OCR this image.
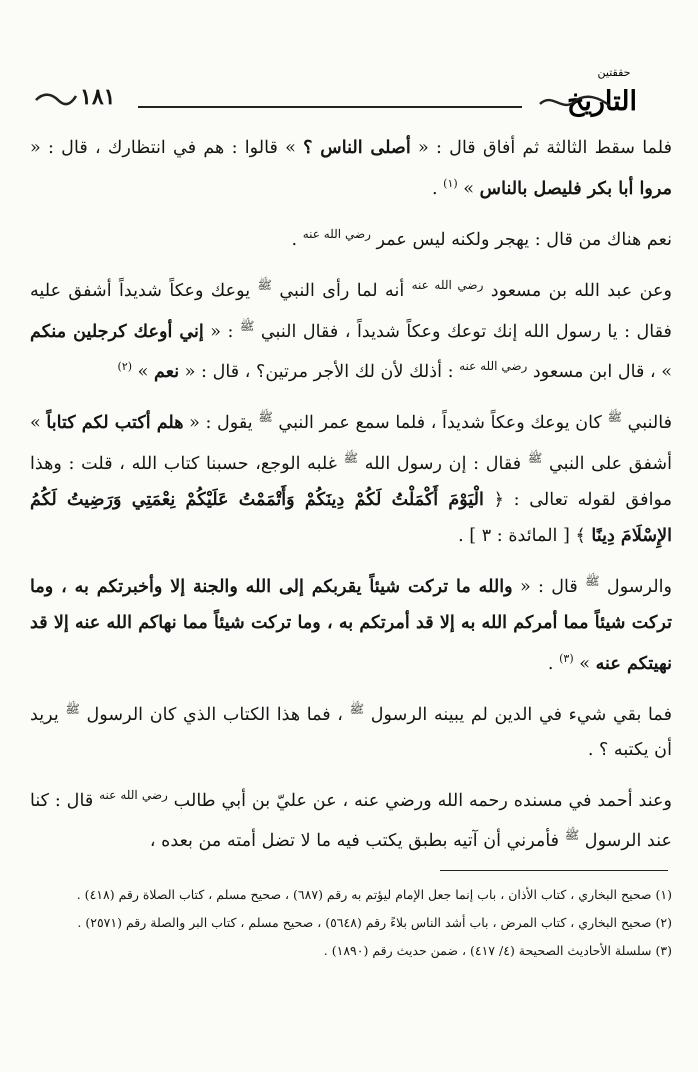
حققتين
التاريخ
١٨١

فلما سقط الثالثة ثم أفاق قال : « أصلى الناس ؟ » قالوا : هم في انتظارك ، قال : « مروا أبا بكر فليصل بالناس » $^{(١)}$ .

نعم هناك من قال : يهجر ولكنه ليس عمر $^{رضي الله عنه}$ .

وعن عبد الله بن مسعود $^{رضي الله عنه}$ أنه لما رأى النبي $^ﷺ$ يوعك وعكاً شديداً أشفق عليه فقال : يا رسول الله إنك توعك وعكاً شديداً ، فقال النبي $^ﷺ$ : « إني أوعك كرجلين منكم » ، قال ابن مسعود $^{رضي الله عنه}$ : أذلك لأن لك الأجر مرتين؟ ، قال : « نعم » $^{(٢)}$

فالنبي $^ﷺ$ كان يوعك وعكاً شديداً ، فلما سمع عمر النبي $^ﷺ$ يقول : « هلم أكتب لكم كتاباً » أشفق على النبي $^ﷺ$ فقال : إن رسول الله $^ﷺ$ غلبه الوجع، حسبنا كتاب الله ، قلت : وهذا موافق لقوله تعالى : ﴿ الْيَوْمَ أَكْمَلْتُ لَكُمْ دِينَكُمْ وَأَتْمَمْتُ عَلَيْكُمْ نِعْمَتِي وَرَضِيتُ لَكُمُ الإِسْلَامَ دِينًا ﴾ [ المائدة : ٣ ] .

والرسول $^ﷺ$ قال : « والله ما تركت شيئاً يقربكم إلى الله والجنة إلا وأخبرتكم به ، وما تركت شيئاً مما أمركم الله به إلا قد أمرتكم به ، وما تركت شيئاً مما نهاكم الله عنه إلا قد نهيتكم عنه » $^{(٣)}$ .

فما بقي شيء في الدين لم يبينه الرسول $^ﷺ$ ، فما هذا الكتاب الذي كان الرسول $^ﷺ$ يريد أن يكتبه ؟ .

وعند أحمد في مسنده رحمه الله ورضي عنه ، عن عليّ بن أبي طالب $^{رضي الله عنه}$ قال : كنا عند الرسول $^ﷺ$ فأمرني أن آتيه بطبق يكتب فيه ما لا تضل أمته من بعده ،

(١) صحيح البخاري ، كتاب الأذان ، باب إنما جعل الإمام ليؤتم به رقم (٦٨٧) ، صحيح مسلم ، كتاب الصلاة رقم (٤١٨) .

(٢) صحيح البخاري ، كتاب المرض ، باب أشد الناس بلاءً رقم (٥٦٤٨) ، صحيح مسلم ، كتاب البر والصلة رقم (٢٥٧١) .

(٣) سلسلة الأحاديث الصحيحة (٤/ ٤١٧) ، ضمن حديث رقم (١٨٩٠) .
